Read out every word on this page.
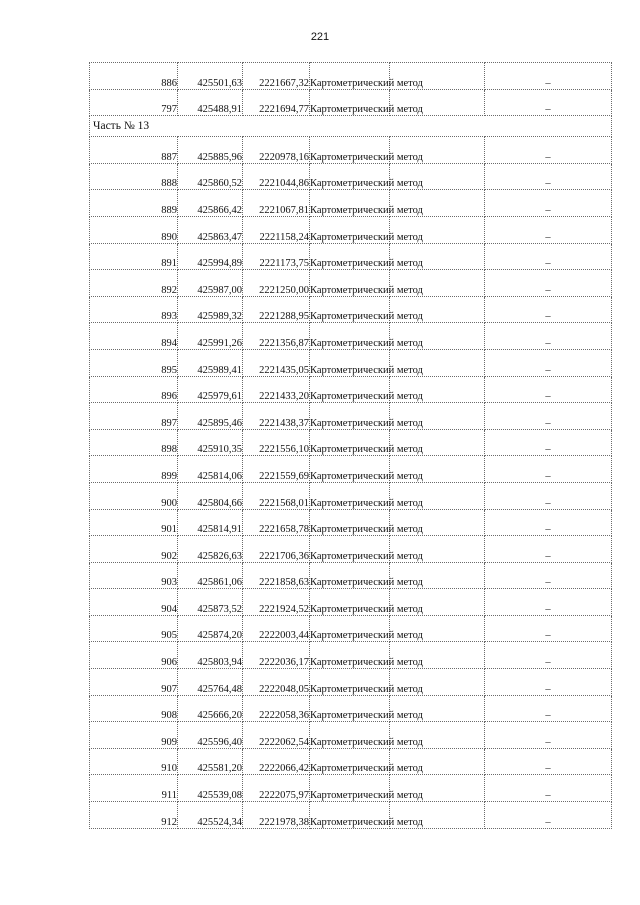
221
886	425501,63	2221667,32	Картометрический метод		–
797	425488,91	2221694,77	Картометрический метод		–
Часть № 13					
887	425885,96	2220978,16	Картометрический метод		–
888	425860,52	2221044,86	Картометрический метод		–
889	425866,42	2221067,81	Картометрический метод		–
890	425863,47	2221158,24	Картометрический метод		–
891	425994,89	2221173,75	Картометрический метод		–
892	425987,00	2221250,00	Картометрический метод		–
893	425989,32	2221288,95	Картометрический метод		–
894	425991,26	2221356,87	Картометрический метод		–
895	425989,41	2221435,05	Картометрический метод		–
896	425979,61	2221433,20	Картометрический метод		–
897	425895,46	2221438,37	Картометрический метод		–
898	425910,35	2221556,10	Картометрический метод		–
899	425814,06	2221559,69	Картометрический метод		–
900	425804,66	2221568,01	Картометрический метод		–
901	425814,91	2221658,78	Картометрический метод		–
902	425826,63	2221706,36	Картометрический метод		–
903	425861,06	2221858,63	Картометрический метод		–
904	425873,52	2221924,52	Картометрический метод		–
905	425874,20	2222003,44	Картометрический метод		–
906	425803,94	2222036,17	Картометрический метод		–
907	425764,48	2222048,05	Картометрический метод		–
908	425666,20	2222058,36	Картометрический метод		–
909	425596,40	2222062,54	Картометрический метод		–
910	425581,20	2222066,42	Картометрический метод		–
911	425539,08	2222075,97	Картометрический метод		–
912	425524,34	2221978,38	Картометрический метод		–
